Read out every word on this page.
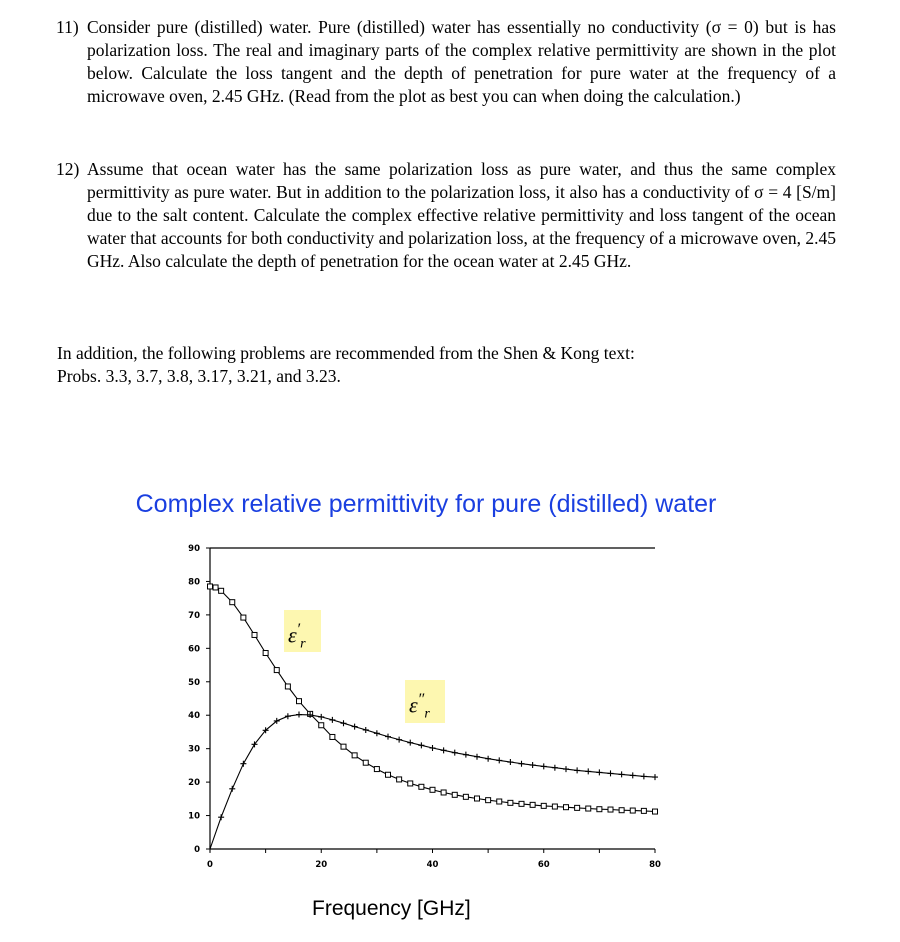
11) Consider pure (distilled) water. Pure (distilled) water has essentially no conductivity (σ = 0) but is has polarization loss. The real and imaginary parts of the complex relative permittivity are shown in the plot below. Calculate the loss tangent and the depth of penetration for pure water at the frequency of a microwave oven, 2.45 GHz. (Read from the plot as best you can when doing the calculation.)
12) Assume that ocean water has the same polarization loss as pure water, and thus the same complex permittivity as pure water. But in addition to the polarization loss, it also has a conductivity of σ = 4 [S/m] due to the salt content. Calculate the complex effective relative permittivity and loss tangent of the ocean water that accounts for both conductivity and polarization loss, at the frequency of a microwave oven, 2.45 GHz. Also calculate the depth of penetration for the ocean water at 2.45 GHz.
In addition, the following problems are recommended from the Shen & Kong text:
Probs. 3.3, 3.7, 3.8, 3.17, 3.21, and 3.23.
Complex relative permittivity for pure (distilled) water
0
10
20
30
40
50
60
70
80
90
0	20	40	60	80
$\varepsilon'_r$
$\varepsilon''_r$
Frequency [GHz]
